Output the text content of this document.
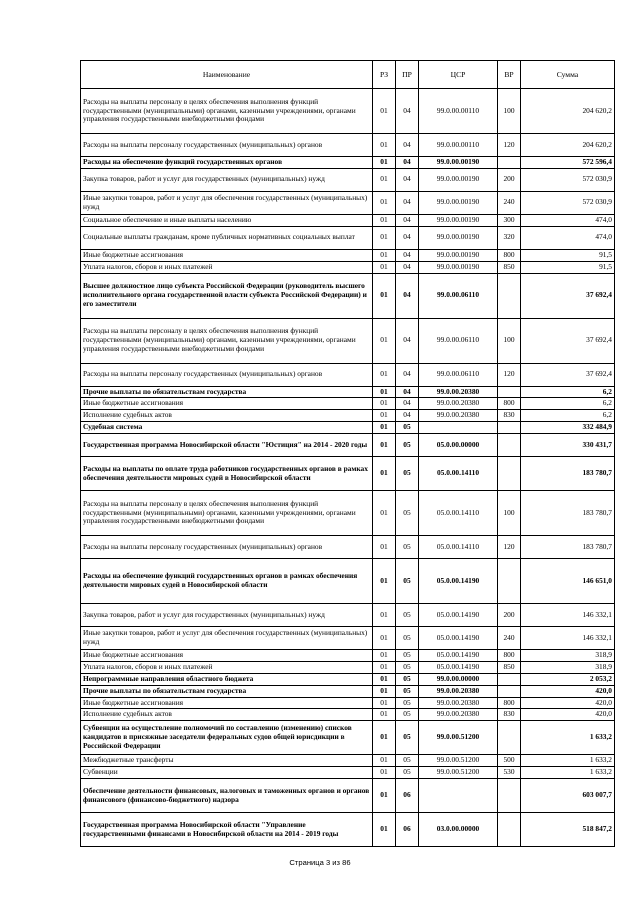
Наименование	РЗ	ПР	ЦСР	ВР	Сумма
Расходы на выплаты персоналу в целях обеспечения выполнения функций государственными (муниципальными) органами, казенными учреждениями, органами управления государственными внебюджетными фондами	01	04	99.0.00.00110	100	204 620,2
Расходы на выплаты персоналу государственных (муниципальных) органов	01	04	99.0.00.00110	120	204 620,2
Расходы на обеспечение функций государственных органов	01	04	99.0.00.00190		572 596,4
Закупка товаров, работ и услуг для государственных (муниципальных) нужд	01	04	99.0.00.00190	200	572 030,9
Иные закупки товаров, работ и услуг для обеспечения государственных (муниципальных) нужд	01	04	99.0.00.00190	240	572 030,9
Социальное обеспечение и иные выплаты населению	01	04	99.0.00.00190	300	474,0
Социальные выплаты гражданам, кроме публичных нормативных социальных выплат	01	04	99.0.00.00190	320	474,0
Иные бюджетные ассигнования	01	04	99.0.00.00190	800	91,5
Уплата налогов, сборов и иных платежей	01	04	99.0.00.00190	850	91,5
Высшее должностное лицо субъекта Российской Федерации (руководитель высшего исполнительного органа государственной власти субъекта Российской Федерации) и его заместители	01	04	99.0.00.06110		37 692,4
Расходы на выплаты персоналу в целях обеспечения выполнения функций государственными (муниципальными) органами, казенными учреждениями, органами управления государственными внебюджетными фондами	01	04	99.0.00.06110	100	37 692,4
Расходы на выплаты персоналу государственных (муниципальных) органов	01	04	99.0.00.06110	120	37 692,4
Прочие выплаты по обязательствам государства	01	04	99.0.00.20380		6,2
Иные бюджетные ассигнования	01	04	99.0.00.20380	800	6,2
Исполнение судебных актов	01	04	99.0.00.20380	830	6,2
Судебная система	01	05			332 484,9
Государственная программа Новосибирской области "Юстиция" на 2014 - 2020 годы	01	05	05.0.00.00000		330 431,7
Расходы на выплаты по оплате труда работников государственных органов в рамках обеспечения деятельности мировых судей в Новосибирской области	01	05	05.0.00.14110		183 780,7
Расходы на выплаты персоналу в целях обеспечения выполнения функций государственными (муниципальными) органами, казенными учреждениями, органами управления государственными внебюджетными фондами	01	05	05.0.00.14110	100	183 780,7
Расходы на выплаты персоналу государственных (муниципальных) органов	01	05	05.0.00.14110	120	183 780,7
Расходы на обеспечение функций государственных органов в рамках обеспечения деятельности мировых судей в Новосибирской области	01	05	05.0.00.14190		146 651,0
Закупка товаров, работ и услуг для государственных (муниципальных) нужд	01	05	05.0.00.14190	200	146 332,1
Иные закупки товаров, работ и услуг для обеспечения государственных (муниципальных) нужд	01	05	05.0.00.14190	240	146 332,1
Иные бюджетные ассигнования	01	05	05.0.00.14190	800	318,9
Уплата налогов, сборов и иных платежей	01	05	05.0.00.14190	850	318,9
Непрограммные направления областного бюджета	01	05	99.0.00.00000		2 053,2
Прочие выплаты по обязательствам государства	01	05	99.0.00.20380		420,0
Иные бюджетные ассигнования	01	05	99.0.00.20380	800	420,0
Исполнение судебных актов	01	05	99.0.00.20380	830	420,0
Субвенции на осуществление полномочий по составлению (изменению) списков кандидатов в присяжные заседатели федеральных судов общей юрисдикции в Российской Федерации	01	05	99.0.00.51200		1 633,2
Межбюджетные трансферты	01	05	99.0.00.51200	500	1 633,2
Субвенции	01	05	99.0.00.51200	530	1 633,2
Обеспечение деятельности финансовых, налоговых и таможенных органов и органов финансового (финансово-бюджетного) надзора	01	06			603 007,7
Государственная программа Новосибирской области "Управление государственными финансами в Новосибирской области на 2014 - 2019 годы	01	06	03.0.00.00000		518 847,2
Страница 3 из 86
